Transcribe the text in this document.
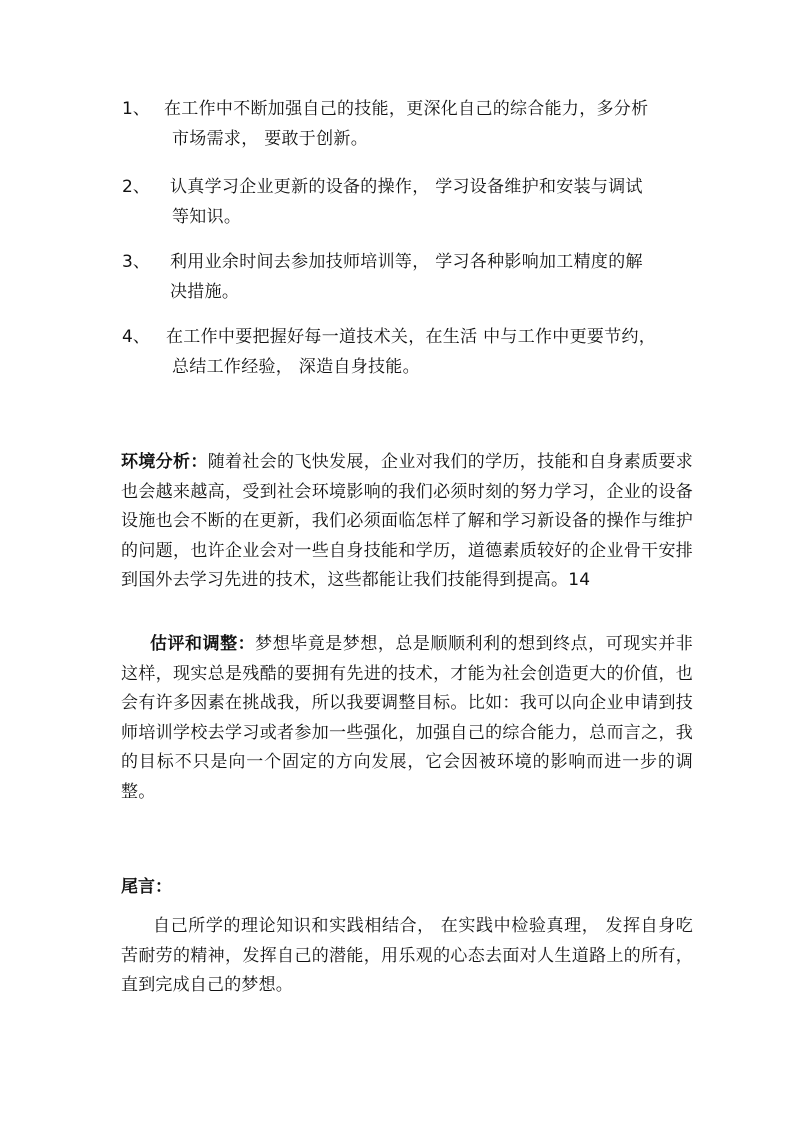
1、 在工作中不断加强自己的技能，更深化自己的综合能力，多分析
市场需求， 要敢于创新。
2、 认真学习企业更新的设备的操作， 学习设备维护和安装与调试
等知识。
3、 利用业余时间去参加技师培训等， 学习各种影响加工精度的解
决措施。
4、 在工作中要把握好每一道技术关，在生活 中与工作中更要节约，
总结工作经验， 深造自身技能。
环境分析：随着社会的飞快发展，企业对我们的学历，技能和自身素质要求也会越来越高，受到社会环境影响的我们必须时刻的努力学习，企业的设备设施也会不断的在更新，我们必须面临怎样了解和学习新设备的操作与维护的问题，也许企业会对一些自身技能和学历，道德素质较好的企业骨干安排到国外去学习先进的技术，这些都能让我们技能得到提高。14
估评和调整：梦想毕竟是梦想，总是顺顺利利的想到终点，可现实并非这样，现实总是残酷的要拥有先进的技术，才能为社会创造更大的价值，也会有许多因素在挑战我，所以我要调整目标。比如：我可以向企业申请到技师培训学校去学习或者参加一些强化，加强自己的综合能力，总而言之，我的目标不只是向一个固定的方向发展，它会因被环境的影响而进一步的调整。
尾言：
自己所学的理论知识和实践相结合， 在实践中检验真理， 发挥自身吃苦耐劳的精神，发挥自己的潜能，用乐观的心态去面对人生道路上的所有， 直到完成自己的梦想。
